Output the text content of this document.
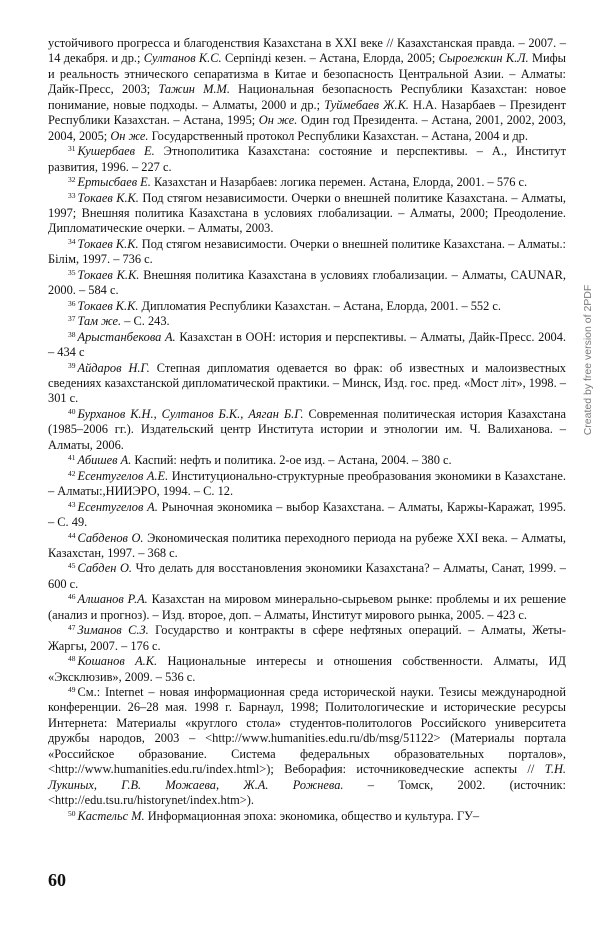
устойчивого прогресса и благоденствия Казахстана в XXI веке // Казахстанская правда. – 2007. – 14 декабря. и др.; Султанов К.С. Серпінді кезен. – Астана, Елорда, 2005; Сыроежкин К.Л. Мифы и реальность этнического сепаратизма в Китае и безопасность Центральной Азии. – Алматы: Дайк-Пресс, 2003; Тажин М.М. Национальная безопасность Республики Казахстан: новое понимание, новые подходы. – Алматы, 2000 и др.; Туймебаев Ж.К. Н.А. Назарбаев – Президент Республики Казахстан. – Астана, 1995; Он же. Один год Президента. – Астана, 2001, 2002, 2003, 2004, 2005; Он же. Государственный протокол Республики Казахстан. – Астана, 2004 и др.

$^{31}$ Кушербаев Е. Этнополитика Казахстана: состояние и перспективы. – А., Институт развития, 1996. – 227 с.

$^{32}$ Ертысбаев Е. Казахстан и Назарбаев: логика перемен. Астана, Елорда, 2001. – 576 с.

$^{33}$ Токаев К.К. Под стягом независимости. Очерки о внешней политике Казахстана. – Алматы, 1997; Внешняя политика Казахстана в условиях глобализации. – Алматы, 2000; Преодоление. Дипломатические очерки. – Алматы, 2003.

$^{34}$ Токаев К.К. Под стягом независимости. Очерки о внешней политике Казахстана. – Алматы.: Білім, 1997. – 736 с.

$^{35}$ Токаев К.К. Внешняя политика Казахстана в условиях глобализации. – Алматы, CAUNAR, 2000. – 584 с.

$^{36}$ Токаев К.К. Дипломатия Республики Казахстан. – Астана, Елорда, 2001. – 552 с.

$^{37}$ Там же. – С. 243.

$^{38}$ Арыстанбекова А. Казахстан в ООН: история и перспективы. – Алматы, Дайк-Пресс. 2004. – 434 с

$^{39}$ Айдаров Н.Г. Степная дипломатия одевается во фрак: об известных и малоизвестных сведениях казахстанской дипломатической практики. – Минск, Изд. гос. пред. «Мост літ», 1998. – 301 с.

$^{40}$ Бурханов К.Н., Султанов Б.К., Аяган Б.Г. Современная политическая история Казахстана (1985–2006 гг.). Издательский центр Института истории и этнологии им. Ч. Валиханова. – Алматы, 2006.

$^{41}$ Абишев А. Каспий: нефть и политика. 2-ое изд. – Астана, 2004. – 380 с.

$^{42}$ Есентугелов А.Е. Институционально-структурные преобразования экономики в Казахстане. – Алматы:,НИИЭРО, 1994. – С. 12.

$^{43}$ Есентугелов А. Рыночная экономика – выбор Казахстана. – Алматы, Каржы-Каражат, 1995. – С. 49.

$^{44}$ Сабденов О. Экономическая политика переходного периода на рубеже XXI века. – Алматы, Казахстан, 1997. – 368 с.

$^{45}$ Сабден О. Что делать для восстановления экономики Казахстана? – Алматы, Санат, 1999. – 600 с.

$^{46}$ Алшанов Р.А. Казахстан на мировом минерально-сырьевом рынке: проблемы и их решение (анализ и прогноз). – Изд. второе, доп. – Алматы, Институт мирового рынка, 2005. – 423 с.

$^{47}$ Зиманов С.З. Государство и контракты в сфере нефтяных операций. – Алматы, Жеты-Жаргы, 2007. – 176 с.

$^{48}$ Кошанов А.К. Национальные интересы и отношения собственности. Алматы, ИД «Эксклюзив», 2009. – 536 с.

$^{49}$ См.: Internet – новая информационная среда исторической науки. Тезисы международной конференции. 26–28 мая. 1998 г. Барнаул, 1998; Политологические и исторические ресурсы Интернета: Материалы «круглого стола» студентов-политологов Российского университета дружбы народов, 2003 – <http://www.humanities.edu.ru/db/msg/51122> (Материалы портала «Российское образование. Система федеральных образовательных порталов», <http://www.humanities.edu.ru/index.html>); Веборафия: источниковедческие аспекты // Т.Н. Лукиных, Г.В. Можаева, Ж.А. Рожнева. – Томск, 2002. (источник: <http://edu.tsu.ru/historynet/index.htm>).

$^{50}$ Кастельс М. Информационная эпоха: экономика, общество и культура. ГУ–

60
Created by free version of 2PDF
